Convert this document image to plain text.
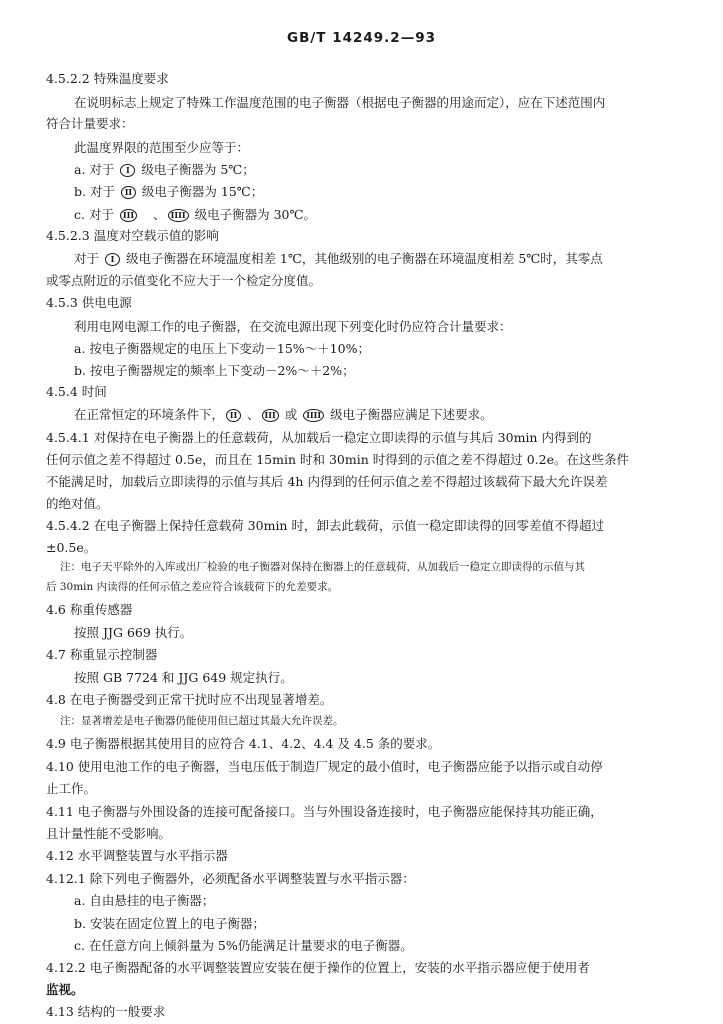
GB/T 14249.2—93
4.5.2.2 特殊温度要求
在说明标志上规定了特殊工作温度范围的电子衡器（根据电子衡器的用途而定），应在下述范围内
符合计量要求：
此温度界限的范围至少应等于：
a. 对于 I 级电子衡器为 5℃；
b. 对于 II 级电子衡器为 15℃；
c. 对于 III 、 IIII 级电子衡器为 30℃。
4.5.2.3 温度对空载示值的影响
对于 I 级电子衡器在环境温度相差 1℃，其他级别的电子衡器在环境温度相差 5℃时，其零点
或零点附近的示值变化不应大于一个检定分度值。
4.5.3 供电电源
利用电网电源工作的电子衡器，在交流电源出现下列变化时仍应符合计量要求：
a. 按电子衡器规定的电压上下变动－15%～＋10%；
b. 按电子衡器规定的频率上下变动－2%～＋2%；
4.5.4 时间
在正常恒定的环境条件下， II 、 III 或 IIII 级电子衡器应满足下述要求。
4.5.4.1 对保持在电子衡器上的任意载荷，从加载后一稳定立即读得的示值与其后 30min 内得到的
任何示值之差不得超过 0.5e，而且在 15min 时和 30min 时得到的示值之差不得超过 0.2e。在这些条件
不能满足时，加载后立即读得的示值与其后 4h 内得到的任何示值之差不得超过该载荷下最大允许误差
的绝对值。
4.5.4.2 在电子衡器上保持任意载荷 30min 时，卸去此载荷，示值一稳定即读得的回零差值不得超过
±0.5e。
注：电子天平除外的入库或出厂检验的电子衡器对保持在衡器上的任意载荷，从加载后一稳定立即读得的示值与其
后 30min 内读得的任何示值之差应符合该载荷下的允差要求。
4.6 称重传感器
按照 JJG 669 执行。
4.7 称重显示控制器
按照 GB 7724 和 JJG 649 规定执行。
4.8 在电子衡器受到正常干扰时应不出现显著增差。
注：显著增差是电子衡器仍能使用但已超过其最大允许误差。
4.9 电子衡器根据其使用目的应符合 4.1、4.2、4.4 及 4.5 条的要求。
4.10 使用电池工作的电子衡器，当电压低于制造厂规定的最小值时，电子衡器应能予以指示或自动停
止工作。
4.11 电子衡器与外围设备的连接可配备接口。当与外围设备连接时，电子衡器应能保持其功能正确，
且计量性能不受影响。
4.12 水平调整装置与水平指示器
4.12.1 除下列电子衡器外，必须配备水平调整装置与水平指示器：
a. 自由悬挂的电子衡器；
b. 安装在固定位置上的电子衡器；
c. 在任意方向上倾斜量为 5%仍能满足计量要求的电子衡器。
4.12.2 电子衡器配备的水平调整装置应安装在便于操作的位置上，安装的水平指示器应便于使用者
监视。
4.13 结构的一般要求
